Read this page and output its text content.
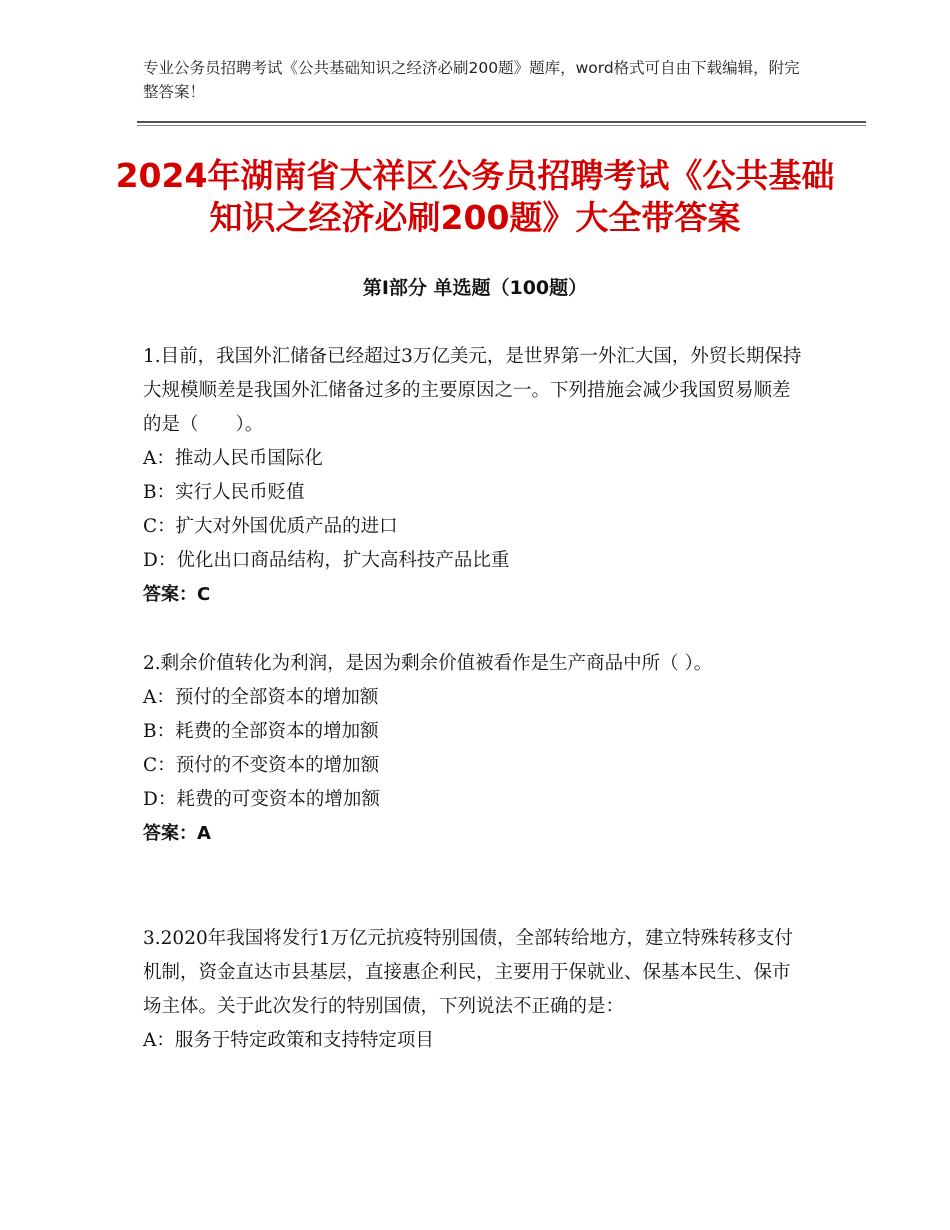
专业公务员招聘考试《公共基础知识之经济必刷200题》题库，word格式可自由下载编辑，附完整答案！
2024年湖南省大祥区公务员招聘考试《公共基础知识之经济必刷200题》大全带答案
第Ⅰ部分 单选题（100题）

1.目前，我国外汇储备已经超过3万亿美元，是世界第一外汇大国，外贸长期保持大规模顺差是我国外汇储备过多的主要原因之一。下列措施会减少我国贸易顺差的是（　　）。

A：推动人民币国际化

B：实行人民币贬值

C：扩大对外国优质产品的进口

D：优化出口商品结构，扩大高科技产品比重

答案：C

2.剩余价值转化为利润，是因为剩余价值被看作是生产商品中所（ ）。

A：预付的全部资本的增加额

B：耗费的全部资本的增加额

C：预付的不变资本的增加额

D：耗费的可变资本的增加额

答案：A

3.2020年我国将发行1万亿元抗疫特别国债，全部转给地方，建立特殊转移支付机制，资金直达市县基层，直接惠企利民，主要用于保就业、保基本民生、保市场主体。关于此次发行的特别国债，下列说法不正确的是：

A：服务于特定政策和支持特定项目
